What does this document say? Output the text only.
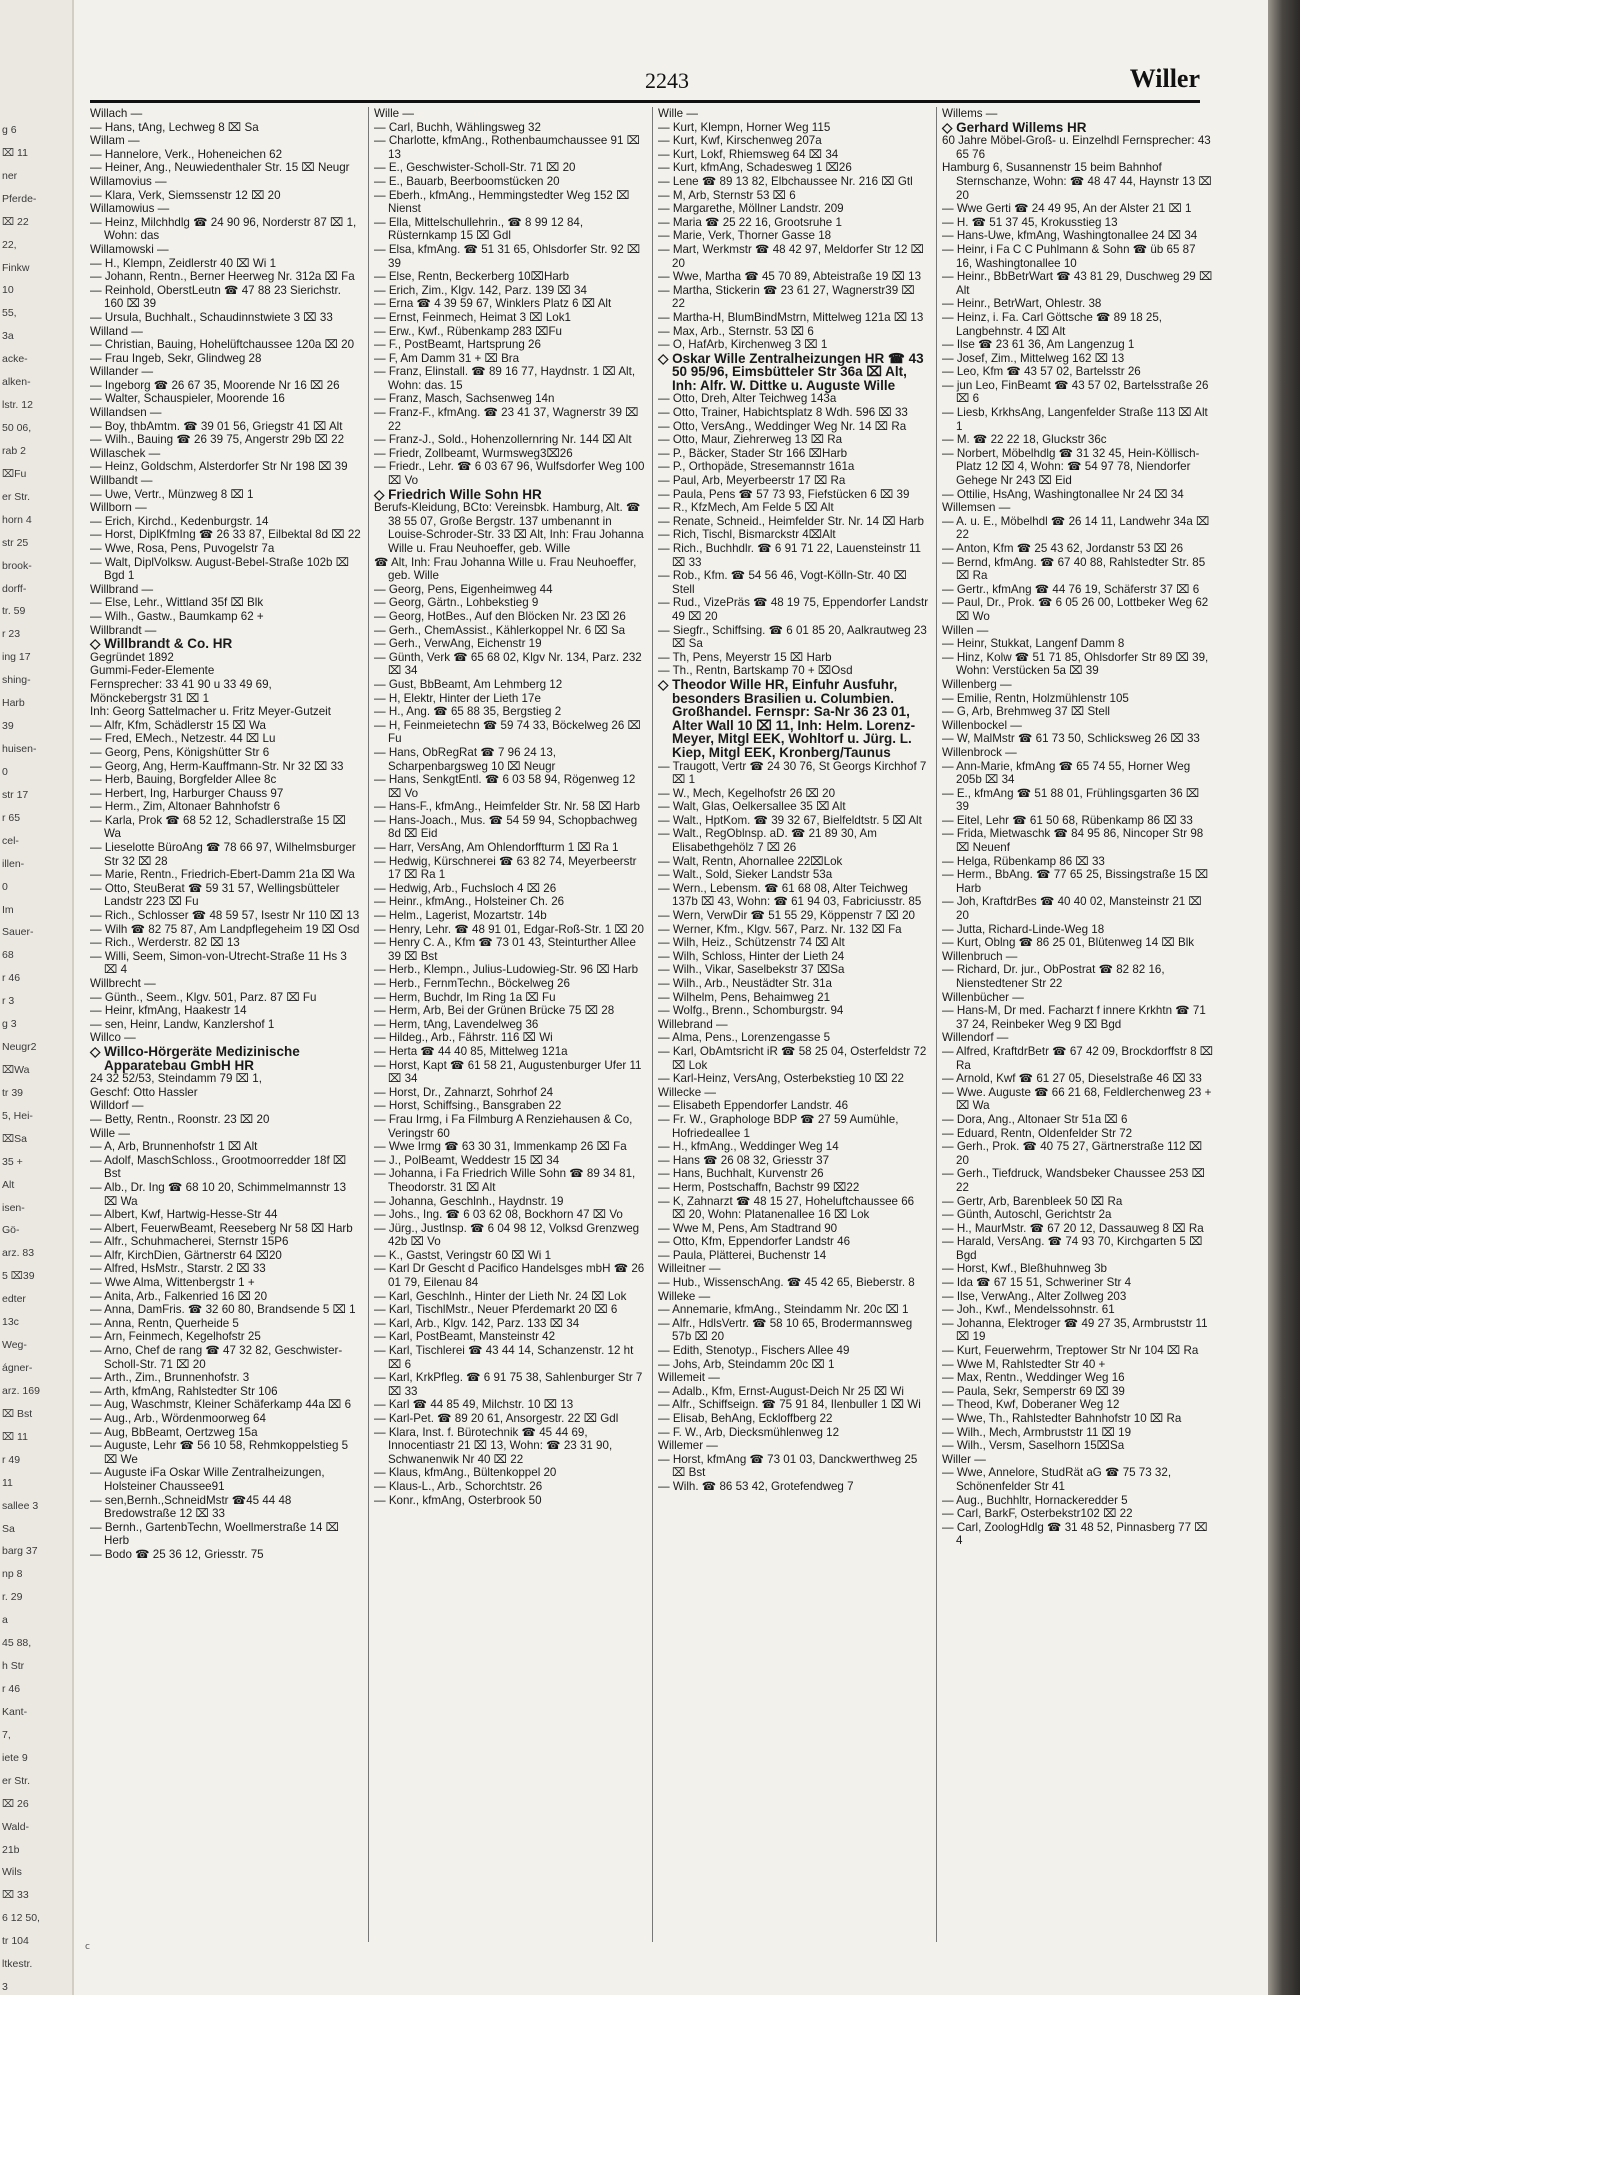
g 6
⌧ 11
ner
Pferde-
⌧ 22
22,
Finkw
10
55,
3a
acke-
alken-
lstr. 12
50 06,
rab 2
⌧Fu
er Str.
horn 4
str 25
brook-
dorff-
tr. 59
r 23
ing 17
shing-
Harb
39
huisen-
0
str 17
r 65
cel-
illen-
0
Im
Sauer-
68
r 46
r 3
g 3
Neugr2
⌧Wa
tr 39
5, Hei-
⌧Sa
35 +
Alt
isen-
Gö-
arz. 83
5 ⌧39
edter
13c
Weg-
ágner-
arz. 169
⌧ Bst
⌧ 11
r 49
11
sallee 3
Sa
barg 37
np 8
r. 29
a
45 88,
h Str
r 46
Kant-
7,
iete 9
er Str.
⌧ 26
Wald-
21b
Wils
⌧ 33
6 12 50,
tr 104
ltkestr.
3
2243	Willer

Willach —

— Hans, tAng, Lechweg 8 ⌧ Sa

Willam —

— Hannelore, Verk., Hoheneichen 62

— Heiner, Ang., Neuwiedenthaler Str. 15 ⌧ Neugr

Willamovius —

— Klara, Verk, Siemssenstr 12 ⌧ 20

Willamowius —

— Heinz, Milchhdlg ☎ 24 90 96, Norderstr 87 ⌧ 1, Wohn: das

Willamowski —

— H., Klempn, Zeidlerstr 40 ⌧ Wi 1

— Johann, Rentn., Berner Heerweg Nr. 312a ⌧ Fa

— Reinhold, OberstLeutn ☎ 47 88 23 Sierichstr. 160 ⌧ 39

— Ursula, Buchhalt., Schaudinnstwiete 3 ⌧ 33

Willand —

— Christian, Bauing, Hohelüftchaussee 120a ⌧ 20

— Frau Ingeb, Sekr, Glindweg 28

Willander —

— Ingeborg ☎ 26 67 35, Moorende Nr 16 ⌧ 26

— Walter, Schauspieler, Moorende 16

Willandsen —

— Boy, thbAmtm. ☎ 39 01 56, Griegstr 41 ⌧ Alt

— Wilh., Bauing ☎ 26 39 75, Angerstr 29b ⌧ 22

Willaschek —

— Heinz, Goldschm, Alsterdorfer Str Nr 198 ⌧ 39

Willbandt —

— Uwe, Vertr., Münzweg 8 ⌧ 1

Willborn —

— Erich, Kirchd., Kedenburgstr. 14

— Horst, DiplKfmIng ☎ 26 33 87, Eilbektal 8d ⌧ 22

— Wwe, Rosa, Pens, Puvogelstr 7a

— Walt, DiplVolksw. August-Bebel-Straße 102b ⌧ Bgd 1

Willbrand —

— Else, Lehr., Wittland 35f ⌧ Blk

— Wilh., Gastw., Baumkamp 62 +

Willbrandt —

◇ Willbrandt & Co. HR

Gegründet 1892

Gummi-Feder-Elemente

Fernsprecher: 33 41 90 u 33 49 69,

Mönckebergstr 31 ⌧ 1

Inh: Georg Sattelmacher u. Fritz Meyer-Gutzeit

— Alfr, Kfm, Schädlerstr 15 ⌧ Wa

— Fred, EMech., Netzestr. 44 ⌧ Lu

— Georg, Pens, Königshütter Str 6

— Georg, Ang, Herm-Kauffmann-Str. Nr 32 ⌧ 33

— Herb, Bauing, Borgfelder Allee 8c

— Herbert, Ing, Harburger Chauss 97

— Herm., Zim, Altonaer Bahnhofstr 6

— Karla, Prok ☎ 68 52 12, Schadlerstraße 15 ⌧ Wa

— Lieselotte BüroAng ☎ 78 66 97, Wilhelmsburger Str 32 ⌧ 28

— Marie, Rentn., Friedrich-Ebert-Damm 21a ⌧ Wa

— Otto, SteuBerat ☎ 59 31 57, Wellingsbütteler Landstr 223 ⌧ Fu

— Rich., Schlosser ☎ 48 59 57, Isestr Nr 110 ⌧ 13

— Wilh ☎ 82 75 87, Am Landpflegeheim 19 ⌧ Osd

— Rich., Werderstr. 82 ⌧ 13

— Willi, Seem, Simon-von-Utrecht-Straße 11 Hs 3 ⌧ 4

Willbrecht —

— Günth., Seem., Klgv. 501, Parz. 87 ⌧ Fu

— Heinr, kfmAng, Haakestr 14

— sen, Heinr, Landw, Kanzlershof 1

Willco —

◇ Willco-Hörgeräte Medizinische Apparatebau GmbH HR

24 32 52/53, Steindamm 79 ⌧ 1,

Geschf: Otto Hassler

Willdorf —

— Betty, Rentn., Roonstr. 23 ⌧ 20

Wille —

— A, Arb, Brunnenhofstr 1 ⌧ Alt

— Adolf, MaschSchloss., Grootmoorredder 18f ⌧ Bst

— Alb., Dr. Ing ☎ 68 10 20, Schimmelmannstr 13 ⌧ Wa

— Albert, Kwf, Hartwig-Hesse-Str 44

— Albert, FeuerwBeamt, Reeseberg Nr 58 ⌧ Harb

— Alfr., Schuhmacherei, Sternstr 15P6

— Alfr, KirchDien, Gärtnerstr 64 ⌧20

— Alfred, HsMstr., Starstr. 2 ⌧ 33

— Wwe Alma, Wittenbergstr 1 +

— Anita, Arb., Falkenried 16 ⌧ 20

— Anna, DamFris. ☎ 32 60 80, Brandsende 5 ⌧ 1

— Anna, Rentn, Querheide 5

— Arn, Feinmech, Kegelhofstr 25

— Arno, Chef de rang ☎ 47 32 82, Geschwister-Scholl-Str. 71 ⌧ 20

— Arth., Zim., Brunnenhofstr. 3

— Arth, kfmAng, Rahlstedter Str 106

— Aug, Waschmstr, Kleiner Schäferkamp 44a ⌧ 6

— Aug., Arb., Wördenmoorweg 64

— Aug, BbBeamt, Oertzweg 15a

— Auguste, Lehr ☎ 56 10 58, Rehmkoppelstieg 5 ⌧ We

— Auguste iFa Oskar Wille Zentralheizungen, Holsteiner Chaussee91

— sen,Bernh.,SchneidMstr ☎45 44 48 Bredowstraße 12 ⌧ 33

— Bernh., GartenbTechn, Woellmerstraße 14 ⌧ Herb

— Bodo ☎ 25 36 12, Griesstr. 75

Wille —

— Carl, Buchh, Wählingsweg 32

— Charlotte, kfmAng., Rothenbaumchaussee 91 ⌧ 13

— E., Geschwister-Scholl-Str. 71 ⌧ 20

— E., Bauarb, Beerboomstücken 20

— Eberh., kfmAng., Hemmingstedter Weg 152 ⌧ Nienst

— Ella, Mittelschullehrin., ☎ 8 99 12 84, Rüsternkamp 15 ⌧ Gdl

— Elsa, kfmAng. ☎ 51 31 65, Ohlsdorfer Str. 92 ⌧ 39

— Else, Rentn, Beckerberg 10⌧Harb

— Erich, Zim., Klgv. 142, Parz. 139 ⌧ 34

— Erna ☎ 4 39 59 67, Winklers Platz 6 ⌧ Alt

— Ernst, Feinmech, Heimat 3 ⌧ Lok1

— Erw., Kwf., Rübenkamp 283 ⌧Fu

— F., PostBeamt, Hartsprung 26

— F, Am Damm 31 + ⌧ Bra

— Franz, Elinstall. ☎ 89 16 77, Haydnstr. 1 ⌧ Alt, Wohn: das. 15

— Franz, Masch, Sachsenweg 14n

— Franz-F., kfmAng. ☎ 23 41 37, Wagnerstr 39 ⌧ 22

— Franz-J., Sold., Hohenzollernring Nr. 144 ⌧ Alt

— Friedr, Zollbeamt, Wurmsweg3⌧26

— Friedr., Lehr. ☎ 6 03 67 96, Wulfsdorfer Weg 100 ⌧ Vo

◇ Friedrich Wille Sohn HR

Berufs-Kleidung, BCto: Vereinsbk. Hamburg, Alt. ☎ 38 55 07, Große Bergstr. 137 umbenannt in Louise-Schroder-Str. 33 ⌧ Alt, Inh: Frau Johanna Wille u. Frau Neuhoeffer, geb. Wille

☎ Alt, Inh: Frau Johanna Wille u. Frau Neuhoeffer, geb. Wille

— Georg, Pens, Eigenheimweg 44

— Georg, Gärtn., Lohbekstieg 9

— Georg, HotBes., Auf den Blöcken Nr. 23 ⌧ 26

— Gerh., ChemAssist., Kählerkoppel Nr. 6 ⌧ Sa

— Gerh., VerwAng, Eichenstr 19

— Günth, Verk ☎ 65 68 02, Klgv Nr. 134, Parz. 232 ⌧ 34

— Gust, BbBeamt, Am Lehmberg 12

— H, Elektr, Hinter der Lieth 17e

— H., Ang. ☎ 65 88 35, Bergstieg 2

— H, Feinmeietechn ☎ 59 74 33, Böckelweg 26 ⌧ Fu

— Hans, ObRegRat ☎ 7 96 24 13, Scharpenbargsweg 10 ⌧ Neugr

— Hans, SenkgtEntl. ☎ 6 03 58 94, Rögenweg 12 ⌧ Vo

— Hans-F., kfmAng., Heimfelder Str. Nr. 58 ⌧ Harb

— Hans-Joach., Mus. ☎ 54 59 94, Schopbachweg 8d ⌧ Eid

— Harr, VersAng, Am Ohlendorffturm 1 ⌧ Ra 1

— Hedwig, Kürschnerei ☎ 63 82 74, Meyerbeerstr 17 ⌧ Ra 1

— Hedwig, Arb., Fuchsloch 4 ⌧ 26

— Heinr., kfmAng., Holsteiner Ch. 26

— Helm., Lagerist, Mozartstr. 14b

— Henry, Lehr. ☎ 48 91 01, Edgar-Roß-Str. 1 ⌧ 20

— Henry C. A., Kfm ☎ 73 01 43, Steinturther Allee 39 ⌧ Bst

— Herb., Klempn., Julius-Ludowieg-Str. 96 ⌧ Harb

— Herb., FernmTechn., Böckelweg 26

— Herm, Buchdr, Im Ring 1a ⌧ Fu

— Herm, Arb, Bei der Grünen Brücke 75 ⌧ 28

— Herm, tAng, Lavendelweg 36

— Hildeg., Arb., Fährstr. 116 ⌧ Wi

— Herta ☎ 44 40 85, Mittelweg 121a

— Horst, Kapt ☎ 61 58 21, Augustenburger Ufer 11 ⌧ 34

— Horst, Dr., Zahnarzt, Sohrhof 24

— Horst, Schiffsing., Bansgraben 22

— Frau Irmg, i Fa Filmburg A Renziehausen & Co, Veringstr 60

— Wwe Irmg ☎ 63 30 31, Immenkamp 26 ⌧ Fa

— J., PolBeamt, Weddestr 15 ⌧ 34

— Johanna, i Fa Friedrich Wille Sohn ☎ 89 34 81, Theodorstr. 31 ⌧ Alt

— Johanna, Geschlnh., Haydnstr. 19

— Johs., Ing. ☎ 6 03 62 08, Bockhorn 47 ⌧ Vo

— Jürg., Justlnsp. ☎ 6 04 98 12, Volksd Grenzweg 42b ⌧ Vo

— K., Gastst, Veringstr 60 ⌧ Wi 1

— Karl Dr Gescht d Pacifico Handelsges mbH ☎ 26 01 79, Eilenau 84

— Karl, Geschlnh., Hinter der Lieth Nr. 24 ⌧ Lok

— Karl, TischlMstr., Neuer Pferdemarkt 20 ⌧ 6

— Karl, Arb., Klgv. 142, Parz. 133 ⌧ 34

— Karl, PostBeamt, Mansteinstr 42

— Karl, Tischlerei ☎ 43 44 14, Schanzenstr. 12 ht ⌧ 6

— Karl, KrkPfleg. ☎ 6 91 75 38, Sahlenburger Str 7 ⌧ 33

— Karl ☎ 44 85 49, Milchstr. 10 ⌧ 13

— Karl-Pet. ☎ 89 20 61, Ansorgestr. 22 ⌧ Gdl

— Klara, Inst. f. Bürotechnik ☎ 45 44 69, Innocentiastr 21 ⌧ 13, Wohn: ☎ 23 31 90, Schwanenwik Nr 40 ⌧ 22

— Klaus, kfmAng., Bültenkoppel 20

— Klaus-L., Arb., Schorchtstr. 26

— Konr., kfmAng, Osterbrook 50

Wille —

— Kurt, Klempn, Horner Weg 115

— Kurt, Kwf, Kirschenweg 207a

— Kurt, Lokf, Rhiemsweg 64 ⌧ 34

— Kurt, kfmAng, Schadesweg 1 ⌧26

— Lene ☎ 89 13 82, Elbchaussee Nr. 216 ⌧ Gtl

— M, Arb, Sternstr 53 ⌧ 6

— Margarethe, Möllner Landstr. 209

— Maria ☎ 25 22 16, Grootsruhe 1

— Marie, Verk, Thorner Gasse 18

— Mart, Werkmstr ☎ 48 42 97, Meldorfer Str 12 ⌧ 20

— Wwe, Martha ☎ 45 70 89, Abteistraße 19 ⌧ 13

— Martha, Stickerin ☎ 23 61 27, Wagnerstr39 ⌧ 22

— Martha-H, BlumBindMstrn, Mittelweg 121a ⌧ 13

— Max, Arb., Sternstr. 53 ⌧ 6

— O, HafArb, Kirchenweg 3 ⌧ 1

◇ Oskar Wille Zentralheizungen HR ☎ 43 50 95/96, Eimsbütteler Str 36a ⌧ Alt, Inh: Alfr. W. Dittke u. Auguste Wille

— Otto, Dreh, Alter Teichweg 143a

— Otto, Trainer, Habichtsplatz 8 Wdh. 596 ⌧ 33

— Otto, VersAng., Weddinger Weg Nr. 14 ⌧ Ra

— Otto, Maur, Ziehrerweg 13 ⌧ Ra

— P., Bäcker, Stader Str 166 ⌧Harb

— P., Orthopäde, Stresemannstr 161a

— Paul, Arb, Meyerbeerstr 17 ⌧ Ra

— Paula, Pens ☎ 57 73 93, Fiefstücken 6 ⌧ 39

— R., KfzMech, Am Felde 5 ⌧ Alt

— Renate, Schneid., Heimfelder Str. Nr. 14 ⌧ Harb

— Rich, Tischl, Bismarckstr 4⌧Alt

— Rich., Buchhdlr. ☎ 6 91 71 22, Lauensteinstr 11 ⌧ 33

— Rob., Kfm. ☎ 54 56 46, Vogt-Kölln-Str. 40 ⌧ Stell

— Rud., VizePräs ☎ 48 19 75, Eppendorfer Landstr 49 ⌧ 20

— Siegfr., Schiffsing. ☎ 6 01 85 20, Aalkrautweg 23 ⌧ Sa

— Th, Pens, Meyerstr 15 ⌧ Harb

— Th., Rentn, Bartskamp 70 + ⌧Osd

◇ Theodor Wille HR, Einfuhr Ausfuhr, besonders Brasilien u. Columbien. Großhandel. Fernspr: Sa-Nr 36 23 01, Alter Wall 10 ⌧ 11, Inh: Helm. Lorenz-Meyer, Mitgl EEK, Wohltorf u. Jürg. L. Kiep, Mitgl EEK, Kronberg/Taunus

— Traugott, Vertr ☎ 24 30 76, St Georgs Kirchhof 7 ⌧ 1

— W., Mech, Kegelhofstr 26 ⌧ 20

— Walt, Glas, Oelkersallee 35 ⌧ Alt

— Walt., HptKom. ☎ 39 32 67, Bielfeldtstr. 5 ⌧ Alt

— Walt., RegOblnsp. aD. ☎ 21 89 30, Am Elisabethgehölz 7 ⌧ 26

— Walt, Rentn, Ahornallee 22⌧Lok

— Walt., Sold, Sieker Landstr 53a

— Wern., Lebensm. ☎ 61 68 08, Alter Teichweg 137b ⌧ 43, Wohn: ☎ 61 94 03, Fabriciusstr. 85

— Wern, VerwDir ☎ 51 55 29, Köppenstr 7 ⌧ 20

— Werner, Kfm., Klgv. 567, Parz. Nr. 132 ⌧ Fa

— Wilh, Heiz., Schützenstr 74 ⌧ Alt

— Wilh, Schloss, Hinter der Lieth 24

— Wilh., Vikar, Saselbekstr 37 ⌧Sa

— Wilh., Arb., Neustädter Str. 31a

— Wilhelm, Pens, Behaimweg 21

— Wolfg., Brenn., Schomburgstr. 94

Willebrand —

— Alma, Pens., Lorenzengasse 5

— Karl, ObAmtsricht iR ☎ 58 25 04, Osterfeldstr 72 ⌧ Lok

— Karl-Heinz, VersAng, Osterbekstieg 10 ⌧ 22

Willecke —

— Elisabeth Eppendorfer Landstr. 46

— Fr. W., Graphologe BDP ☎ 27 59 Aumühle, Hofriedeallee 1

— H., kfmAng., Weddinger Weg 14

— Hans ☎ 26 08 32, Griesstr 37

— Hans, Buchhalt, Kurvenstr 26

— Herm, Postschaffn, Bachstr 99 ⌧22

— K, Zahnarzt ☎ 48 15 27, Hoheluftchaussee 66 ⌧ 20, Wohn: Platanenallee 16 ⌧ Lok

— Wwe M, Pens, Am Stadtrand 90

— Otto, Kfm, Eppendorfer Landstr 46

— Paula, Plätterei, Buchenstr 14

Willeitner —

— Hub., WissenschAng. ☎ 45 42 65, Bieberstr. 8

Willeke —

— Annemarie, kfmAng., Steindamm Nr. 20c ⌧ 1

— Alfr., HdlsVertr. ☎ 58 10 65, Brodermannsweg 57b ⌧ 20

— Edith, Stenotyp., Fischers Allee 49

— Johs, Arb, Steindamm 20c ⌧ 1

Willemeit —

— Adalb., Kfm, Ernst-August-Deich Nr 25 ⌧ Wi

— Alfr., Schiffseign. ☎ 75 91 84, Ilenbuller 1 ⌧ Wi

— Elisab, BehAng, Eckloffberg 22

— F. W., Arb, Diecksmühlenweg 12

Willemer —

— Horst, kfmAng ☎ 73 01 03, Danckwerthweg 25 ⌧ Bst

— Wilh. ☎ 86 53 42, Grotefendweg 7

Willems —

◇ Gerhard Willems HR

60 Jahre Möbel-Groß- u. Einzelhdl Fernsprecher: 43 65 76

Hamburg 6, Susannenstr 15 beim Bahnhof Sternschanze, Wohn: ☎ 48 47 44, Haynstr 13 ⌧ 20

— Wwe Gerti ☎ 24 49 95, An der Alster 21 ⌧ 1

— H. ☎ 51 37 45, Krokusstieg 13

— Hans-Uwe, kfmAng, Washingtonallee 24 ⌧ 34

— Heinr, i Fa C C Puhlmann & Sohn ☎ üb 65 87 16, Washingtonallee 10

— Heinr., BbBetrWart ☎ 43 81 29, Duschweg 29 ⌧ Alt

— Heinr., BetrWart, Ohlestr. 38

— Heinz, i. Fa. Carl Göttsche ☎ 89 18 25, Langbehnstr. 4 ⌧ Alt

— Ilse ☎ 23 61 36, Am Langenzug 1

— Josef, Zim., Mittelweg 162 ⌧ 13

— Leo, Kfm ☎ 43 57 02, Bartelsstr 26

— jun Leo, FinBeamt ☎ 43 57 02, Bartelsstraße 26 ⌧ 6

— Liesb, KrkhsAng, Langenfelder Straße 113 ⌧ Alt 1

— M. ☎ 22 22 18, Gluckstr 36c

— Norbert, Möbelhdlg ☎ 31 32 45, Hein-Köllisch-Platz 12 ⌧ 4, Wohn: ☎ 54 97 78, Niendorfer Gehege Nr 243 ⌧ Eid

— Ottilie, HsAng, Washingtonallee Nr 24 ⌧ 34

Willemsen —

— A. u. E., Möbelhdl ☎ 26 14 11, Landwehr 34a ⌧ 22

— Anton, Kfm ☎ 25 43 62, Jordanstr 53 ⌧ 26

— Bernd, kfmAng. ☎ 67 40 88, Rahlstedter Str. 85 ⌧ Ra

— Gertr., kfmAng ☎ 44 76 19, Schäferstr 37 ⌧ 6

— Paul, Dr., Prok. ☎ 6 05 26 00, Lottbeker Weg 62 ⌧ Wo

Willen —

— Heinr, Stukkat, Langenf Damm 8

— Hinz, Kolw ☎ 51 71 85, Ohlsdorfer Str 89 ⌧ 39, Wohn: Verstücken 5a ⌧ 39

Willenberg —

— Emilie, Rentn, Holzmühlenstr 105

— G, Arb, Brehmweg 37 ⌧ Stell

Willenbockel —

— W, MalMstr ☎ 61 73 50, Schlicksweg 26 ⌧ 33

Willenbrock —

— Ann-Marie, kfmAng ☎ 65 74 55, Horner Weg 205b ⌧ 34

— E., kfmAng ☎ 51 88 01, Frühlingsgarten 36 ⌧ 39

— Eitel, Lehr ☎ 61 50 68, Rübenkamp 86 ⌧ 33

— Frida, Mietwaschk ☎ 84 95 86, Nincoper Str 98 ⌧ Neuenf

— Helga, Rübenkamp 86 ⌧ 33

— Herm., BbAng. ☎ 77 65 25, Bissingstraße 15 ⌧ Harb

— Joh, KraftdrBes ☎ 40 40 02, Mansteinstr 21 ⌧ 20

— Jutta, Richard-Linde-Weg 18

— Kurt, Oblng ☎ 86 25 01, Blütenweg 14 ⌧ Blk

Willenbruch —

— Richard, Dr. jur., ObPostrat ☎ 82 82 16, Nienstedtener Str 22

Willenbücher —

— Hans-M, Dr med. Facharzt f innere Krkhtn ☎ 71 37 24, Reinbeker Weg 9 ⌧ Bgd

Willendorf —

— Alfred, KraftdrBetr ☎ 67 42 09, Brockdorffstr 8 ⌧ Ra

— Arnold, Kwf ☎ 61 27 05, Dieselstraße 46 ⌧ 33

— Wwe. Auguste ☎ 66 21 68, Feldlerchenweg 23 + ⌧ Wa

— Dora, Ang., Altonaer Str 51a ⌧ 6

— Eduard, Rentn, Oldenfelder Str 72

— Gerh., Prok. ☎ 40 75 27, Gärtnerstraße 112 ⌧ 20

— Gerh., Tiefdruck, Wandsbeker Chaussee 253 ⌧ 22

— Gertr, Arb, Barenbleek 50 ⌧ Ra

— Günth, Autoschl, Gerichtstr 2a

— H., MaurMstr. ☎ 67 20 12, Dassauweg 8 ⌧ Ra

— Harald, VersAng. ☎ 74 93 70, Kirchgarten 5 ⌧ Bgd

— Horst, Kwf., Bleßhuhnweg 3b

— Ida ☎ 67 15 51, Schweriner Str 4

— Ilse, VerwAng., Alter Zollweg 203

— Joh., Kwf., Mendelssohnstr. 61

— Johanna, Elektroger ☎ 49 27 35, Armbruststr 11 ⌧ 19

— Kurt, Feuerwehrm, Treptower Str Nr 104 ⌧ Ra

— Wwe M, Rahlstedter Str 40 +

— Max, Rentn., Weddinger Weg 16

— Paula, Sekr, Semperstr 69 ⌧ 39

— Theod, Kwf, Doberaner Weg 12

— Wwe, Th., Rahlstedter Bahnhofstr 10 ⌧ Ra

— Wilh., Mech, Armbruststr 11 ⌧ 19

— Wilh., Versm, Saselhorn 15⌧Sa

Willer —

— Wwe, Annelore, StudRät aG ☎ 75 73 32, Schönenfelder Str 41

— Aug., Buchhltr, Hornackeredder 5

— Carl, BarkF, Osterbekstr102 ⌧ 22

— Carl, ZoologHdlg ☎ 31 48 52, Pinnasberg 77 ⌧ 4

c
